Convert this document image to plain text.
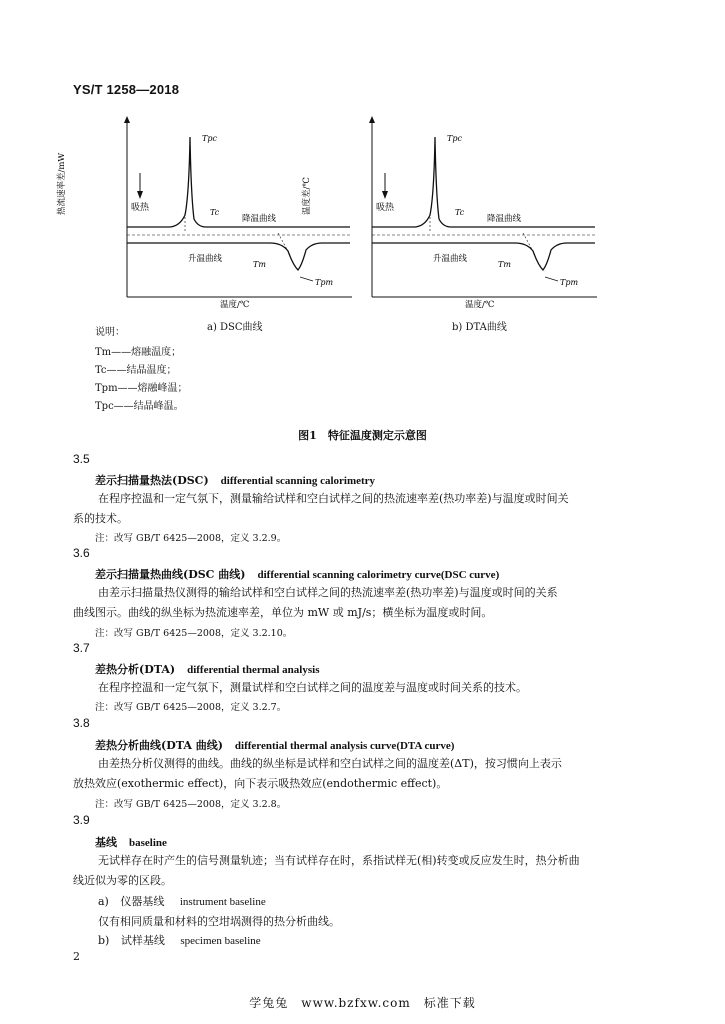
YS/T 1258—2018
热流速率差/mW	吸热
Tpc
Tc
降温曲线
升温曲线
Tm
Tpm
温度/℃
温度差/℃	吸热
Tpc
Tc
降温曲线
升温曲线
Tm
Tpm
温度/℃
a) DSC曲线	b) DTA曲线
说明：
Tm——熔融温度；
Tc——结晶温度；
Tpm——熔融峰温；
Tpc——结晶峰温。
图1　特征温度测定示意图
3.5
差示扫描量热法(DSC) differential scanning calorimetry
在程序控温和一定气氛下，测量输给试样和空白试样之间的热流速率差(热功率差)与温度或时间关
系的技术。
注：改写 GB/T 6425—2008，定义 3.2.9。
3.6
差示扫描量热曲线(DSC 曲线) differential scanning calorimetry curve(DSC curve)
由差示扫描量热仪测得的输给试样和空白试样之间的热流速率差(热功率差)与温度或时间的关系
曲线图示。曲线的纵坐标为热流速率差，单位为 mW 或 mJ/s；横坐标为温度或时间。
注：改写 GB/T 6425—2008，定义 3.2.10。
3.7
差热分析(DTA) differential thermal analysis
在程序控温和一定气氛下，测量试样和空白试样之间的温度差与温度或时间关系的技术。
注：改写 GB/T 6425—2008，定义 3.2.7。
3.8
差热分析曲线(DTA 曲线) differential thermal analysis curve(DTA curve)
由差热分析仪测得的曲线。曲线的纵坐标是试样和空白试样之间的温度差(ΔT)，按习惯向上表示
放热效应(exothermic effect)，向下表示吸热效应(endothermic effect)。
注：改写 GB/T 6425—2008，定义 3.2.8。
3.9
基线 baseline
无试样存在时产生的信号测量轨迹；当有试样存在时，系指试样无(相)转变或反应发生时，热分析曲
线近似为零的区段。
a) 仪器基线 instrument baseline
仅有相同质量和材料的空坩埚测得的热分析曲线。
b) 试样基线 specimen baseline
2
学兔兔　www.bzfxw.com　标准下载
